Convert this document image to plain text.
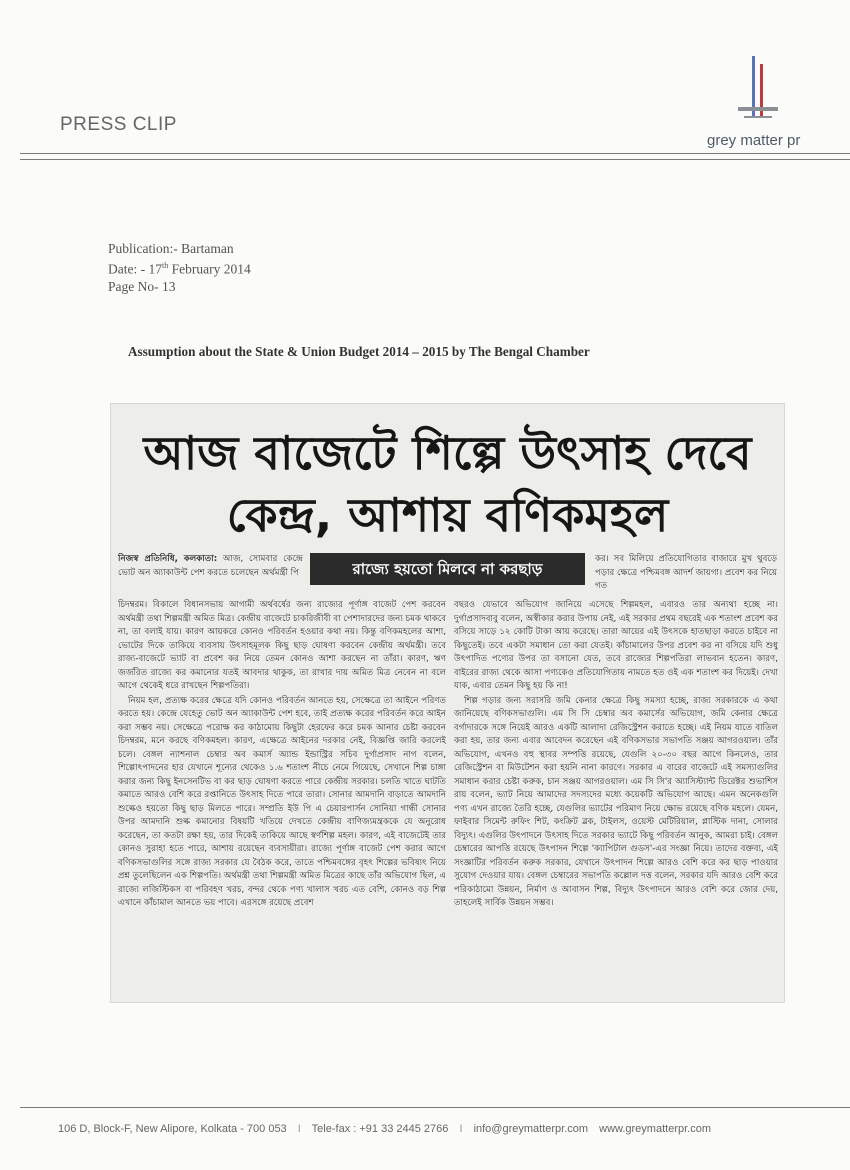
PRESS CLIP
grey matter pr
Publication:- Bartaman
Date: - 17th February 2014
Page No- 13
Assumption about the State & Union Budget 2014 – 2015 by The Bengal Chamber
আজ বাজেটে শিল্পে উৎসাহ দেবে
কেন্দ্র, আশায় বণিকমহল
রাজ্যে হয়তো মিলবে না করছাড়

নিজস্ব প্রতিনিধি, কলকাতা: আজ, সোমবার কেন্দ্রে ভোট অন অ্যাকাউন্ট পেশ করতে চলেছেন অর্থমন্ত্রী পি

চিদম্বরম। বিকালে বিধানসভায় আগামী অর্থবর্ষের জন্য রাজ্যের পূর্ণাঙ্গ বাজেট পেশ করবেন অর্থমন্ত্রী তথা শিল্পমন্ত্রী অমিত মিত্র। কেন্দ্রীয় বাজেটে চাকরিজীবী বা পেশাদারদের জন্য চমক থাকবে না, তা বলাই যায়। কারণ আয়করে কোনও পরিবর্তন হওয়ার কথা নয়। কিন্তু বণিকমহলের আশা, ভোটের দিকে তাকিয়ে ব্যবসায় উৎসাহমূলক কিছু ছাড় ঘোষণা করবেন কেন্দ্রীয় অর্থমন্ত্রী। তবে রাজ্য-বাজেটে ভ্যাট বা প্রবেশ কর নিয়ে তেমন কোনও আশা করছেন না তাঁরা। কারণ, ঋণ জর্জরিত রাজ্যে কর কমানোর যতই আবদার থাকুক, তা রাখার দায় অমিত মিত্র নেবেন না বলে আগে থেকেই ধরে রাখছেন শিল্পপতিরা।

নিয়ম হল, প্রত্যক্ষ করের ক্ষেত্রে যদি কোনও পরিবর্তন আনতে হয়, সেক্ষেত্রে তা আইনে পরিণত করতে হয়। কেন্দ্রে যেহেতু ভোট অন অ্যাকাউন্ট পেশ হবে, তাই প্রত্যক্ষ করের পরিবর্তন করে আইন করা সম্ভব নয়। সেক্ষেত্রে পরোক্ষ কর কাঠামোয় কিছুটা হেরফের করে চমক আনার চেষ্টা করবেন চিদম্বরম, মনে করছে বণিকমহল। কারণ, এক্ষেত্রে আইনের দরকার নেই, বিজ্ঞপ্তি জারি করলেই চলে। বেঙ্গল ন্যাশনাল চেম্বার অব কমার্স অ্যান্ড ইন্ডাস্ট্রির সচিব দুর্গাপ্রসাদ নাগ বলেন, শিল্পোৎপাদনের হার যেখানে শূন্যের থেকেও ১.৬ শতাংশ নীচে নেমে গিয়েছে, সেখানে শিল্প চাঙ্গা করার জন্য কিছু ইনসেনটিভ বা কর ছাড় ঘোষণা করতে পারে কেন্দ্রীয় সরকার। চলতি খাতে ঘাটতি কমাতে আরও বেশি করে রপ্তানিতে উৎসাহ দিতে পারে তারা। সোনার আমদানি বাড়াতে আমদানি শুল্কেও হয়তো কিছু ছাড় মিলতে পারে। সম্প্রতি ইউ পি এ চেয়ারপার্সন সোনিয়া গান্ধী সোনার উপর আমদানি শুল্ক কমানোর বিষয়টি খতিয়ে দেখতে কেন্দ্রীয় বাণিজ্যমন্ত্রককে যে অনুরোধ করেছেন, তা কতটা রক্ষা হয়, তার দিকেই তাকিয়ে আছে স্বর্ণশিল্প মহল। কারণ, এই বাজেটেই তার কোনও সুরাহা হতে পারে, আশায় রয়েছেন ব্যবসায়ীরা। রাজ্যে পূর্ণাঙ্গ বাজেট পেশ করার আগে বণিকসভাগুলির সঙ্গে রাজ্য সরকার যে বৈঠক করে, তাতে পশ্চিমবঙ্গের বৃহৎ শিল্পের ভবিষ্যৎ নিয়ে প্রশ্ন তুলেছিলেন এক শিল্পপতি। অর্থমন্ত্রী তথা শিল্পমন্ত্রী অমিত মিত্রের কাছে তাঁর অভিযোগ ছিল, এ রাজ্যে লজিস্টিকস বা পরিবহণ খরচ, বন্দর থেকে পণ্য খালাস খরচ এত বেশি, কোনও বড় শিল্প এখানে কাঁচামাল আনতে ভয় পাবে। এরসঙ্গে রয়েছে প্রবেশ

কর। সব মিলিয়ে প্রতিযোগিতার বাজারে মুখ থুবড়ে পড়ার ক্ষেত্রে পশ্চিমবঙ্গ আদর্শ জায়গা। প্রবেশ কর নিয়ে গত

বছরও যেভাবে অভিযোগ জানিয়ে এসেছে শিল্পমহল, এবারও তার অন্যথা হচ্ছে না। দুর্গাপ্রসাদবাবু বলেন, অস্বীকার করার উপায় নেই, এই সরকার প্রথম বছরেই এক শতাংশ প্রবেশ কর বসিয়ে সাড়ে ১২ কোটি টাকা আয় করেছে। তারা আয়ের এই উৎসকে হাতছাড়া করতে চাইবে না কিছুতেই। তবে একটা সমাধান তো করা যেতই। কাঁচামালের উপর প্রবেশ কর না বসিয়ে যদি শুধু উৎপাদিত পণ্যের উপর তা বসানো যেত, তবে রাজ্যের শিল্পপতিরা লাভবান হতেন। কারণ, বাইরের রাজ্য থেকে আসা পণ্যকেও প্রতিযোগিতায় নামতে হত ওই এক শতাংশ কর দিয়েই। দেখা যাক, এবার তেমন কিছু হয় কি না!

শিল্প গড়ার জন্য সরাসরি জমি কেনার ক্ষেত্রে কিছু সমস্যা হচ্ছে, রাজ্য সরকারকে এ কথা জানিয়েছে বণিকসভাগুলি। এম সি সি চেম্বার অব কমার্সের অভিযোগ, জমি কেনার ক্ষেত্রে বর্গাদারকে সঙ্গে নিয়েই আরও একটি আলাদা রেজিস্ট্রেশন করাতে হচ্ছে। এই নিয়ম যাতে বাতিল করা হয়, তার জন্য এবার আবেদন করেছেন এই বণিকসভার সভাপতি সঞ্জয় আগরওয়াল। তাঁর অভিযোগ, এখনও বহু স্থাবর সম্পত্তি রয়েছে, যেগুলি ২০-৩০ বছর আগে কিনলেও, তার রেজিস্ট্রেশন বা মিউটেশন করা হয়নি নানা কারণে। সরকার এ বারের বাজেটে এই সমস্যাগুলির সমাধান করার চেষ্টা করুক, চান সঞ্জয় আগরওয়াল। এম সি সি'র অ্যাসিস্ট্যান্ট ডিরেক্টর শুভাশিস রায় বলেন, ভ্যাট নিয়ে আমাদের সদস্যদের মধ্যে কয়েকটি অভিযোগ আছে। এমন অনেকগুলি পণ্য এখন রাজ্যে তৈরি হচ্ছে, যেগুলির ভ্যাটের পরিমাণ নিয়ে ক্ষোভ রয়েছে বণিক মহলে। যেমন, ফাইবার সিমেন্ট রুফিং শিট, কংক্রিট ব্লক, টাইলস, ওয়েস্ট মেটিরিয়াল, প্লাস্টিক দানা, সোলার বিদ্যুৎ। এগুলির উৎপাদনে উৎসাহ দিতে সরকার ভ্যাটে কিছু পরিবর্তন আনুক, আমরা চাই। বেঙ্গল চেম্বারের আপত্তি রয়েছে উৎপাদন শিল্পে 'ক্যাপিটাল গুডস'-এর সংজ্ঞা নিয়ে। তাদের বক্তব্য, এই সংজ্ঞাটির পরিবর্তন করুক সরকার, যেখানে উৎপাদন শিল্পে আরও বেশি করে কর ছাড় পাওয়ার সুযোগ দেওয়ার যায়। বেঙ্গল চেম্বারের সভাপতি কল্লোল দত্ত বলেন, সরকার যদি আরও বেশি করে পরিকাঠামো উন্নয়ন, নির্মাণ ও আবাসন শিল্প, বিদ্যুৎ উৎপাদনে আরও বেশি করে জোর দেয়, তাহলেই সার্বিক উন্নয়ন সম্ভব।

106 D, Block-F, New Alipore, Kolkata - 700 053 I Tele-fax : +91 33 2445 2766 I info@greymatterpr.com www.greymatterpr.com
